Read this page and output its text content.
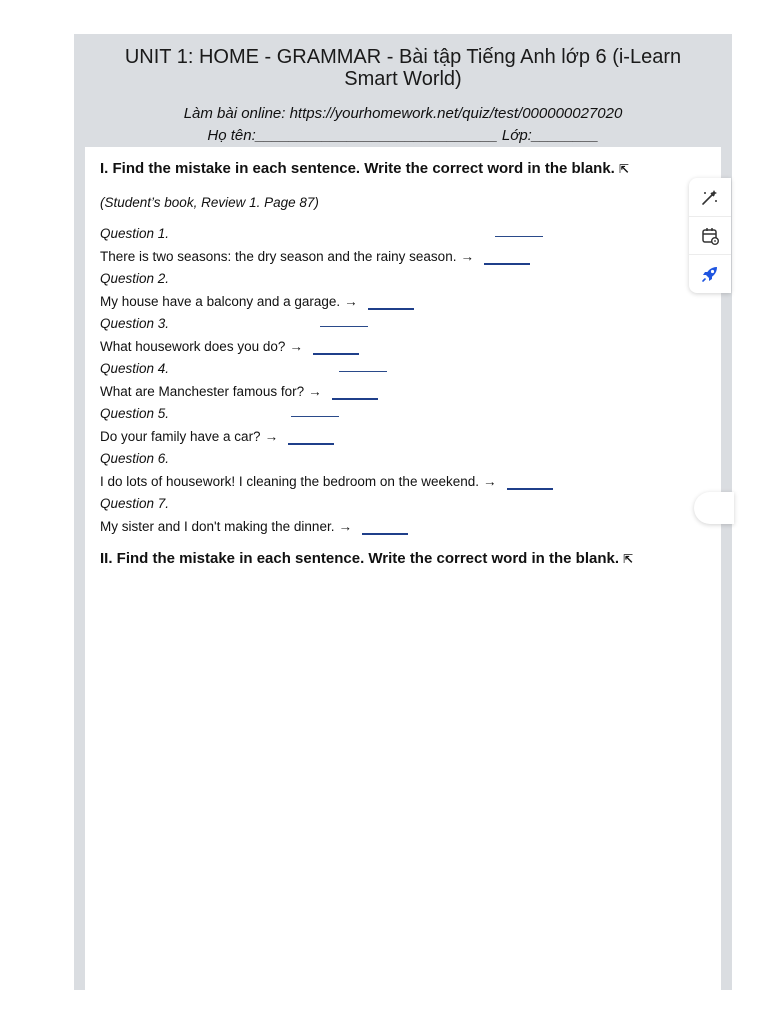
UNIT 1: HOME - GRAMMAR - Bài tập Tiếng Anh lớp 6 (i-Learn Smart World)
Làm bài online: https://yourhomework.net/quiz/test/000000027020
Họ tên:_____________________________ Lớp:________
I. Find the mistake in each sentence. Write the correct word in the blank. ⇱
(Student’s book, Review 1. Page 87)
Question 1.
There is two seasons: the dry season and the rainy season. →
Question 2.
My house have a balcony and a garage. →
Question 3.
What housework does you do? →
Question 4.
What are Manchester famous for? →
Question 5.
Do your family have a car? →
Question 6.
I do lots of housework! I cleaning the bedroom on the weekend. →
Question 7.
My sister and I don't making the dinner. →
II. Find the mistake in each sentence. Write the correct word in the blank. ⇱
